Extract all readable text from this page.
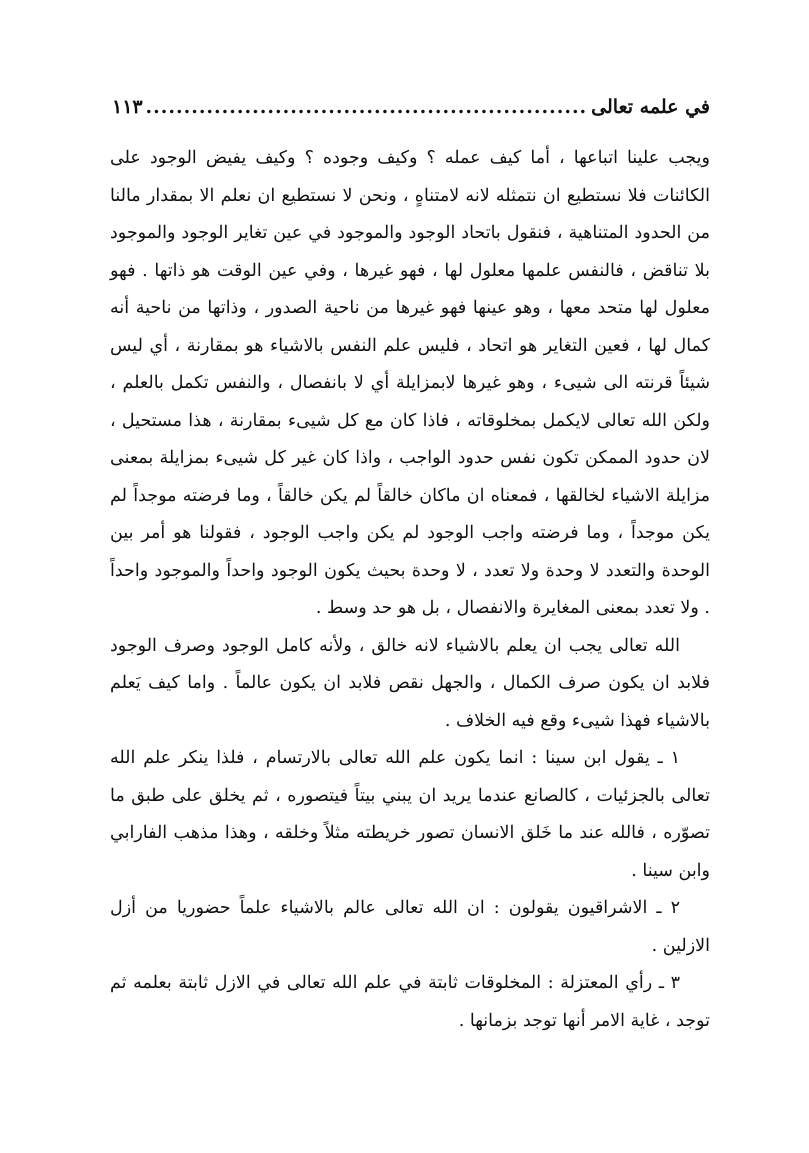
في علمه تعالى
.....
١١٣

ويجب علينا اتباعها ، أما كيف عمله ؟ وكيف وجوده ؟ وكيف يفيض الوجود على الكائنات فلا نستطيع ان نتمثله لانه لامتناهٍ ، ونحن لا نستطيع ان نعلم الا بمقدار مالنا من الحدود المتناهية ، فنقول باتحاد الوجود والموجود في عين تغاير الوجود والموجود بلا تناقض ، فالنفس علمها معلول لها ، فهو غيرها ، وفي عين الوقت هو ذاتها . فهو معلول لها متحد معها ، وهو عينها فهو غيرها من ناحية الصدور ، وذاتها من ناحية أنه كمال لها ، فعين التغاير هو اتحاد ، فليس علم النفس بالاشياء هو بمقارنة ، أي ليس شيئاً قرنته الى شيىء ، وهو غيرها لابمزايلة أي لا بانفصال ، والنفس تكمل بالعلم ، ولكن الله تعالى لايكمل بمخلوقاته ، فاذا كان مع كل شيىء بمقارنة ، هذا مستحيل ، لان حدود الممكن تكون نفس حدود الواجب ، واذا كان غير كل شيىء بمزايلة بمعنى مزايلة الاشياء لخالقها ، فمعناه ان ماكان خالقاً لم يكن خالقاً ، وما فرضته موجداً لم يكن موجداً ، وما فرضته واجب الوجود لم يكن واجب الوجود ، فقولنا هو أمر بين الوحدة والتعدد لا وحدة ولا تعدد ، لا وحدة بحيث يكون الوجود واحداً والموجود واحداً . ولا تعدد بمعنى المغايرة والانفصال ، بل هو حد وسط .

الله تعالى يجب ان يعلم بالاشياء لانه خالق ، ولأنه كامل الوجود وصرف الوجود فلابد ان يكون صرف الكمال ، والجهل نقص فلابد ان يكون عالماً . واما كيف يَعلم بالاشياء فهذا شيىء وقع فيه الخلاف .

١ ـ يقول ابن سينا : انما يكون علم الله تعالى بالارتسام ، فلذا ينكر علم الله تعالى بالجزئيات ، كالصانع عندما يريد ان يبني بيتاً فيتصوره ، ثم يخلق على طبق ما تصوّره ، فالله عند ما خَلق الانسان تصور خريطته مثلاً وخلقه ، وهذا مذهب الفارابي وابن سينا .

٢ ـ الاشراقيون يقولون : ان الله تعالى عالم بالاشياء علماً حضوريا من أزل الازلين .

٣ ـ رأي المعتزلة : المخلوقات ثابتة في علم الله تعالى في الازل ثابتة بعلمه ثم توجد ، غاية الامر أنها توجد بزمانها .
